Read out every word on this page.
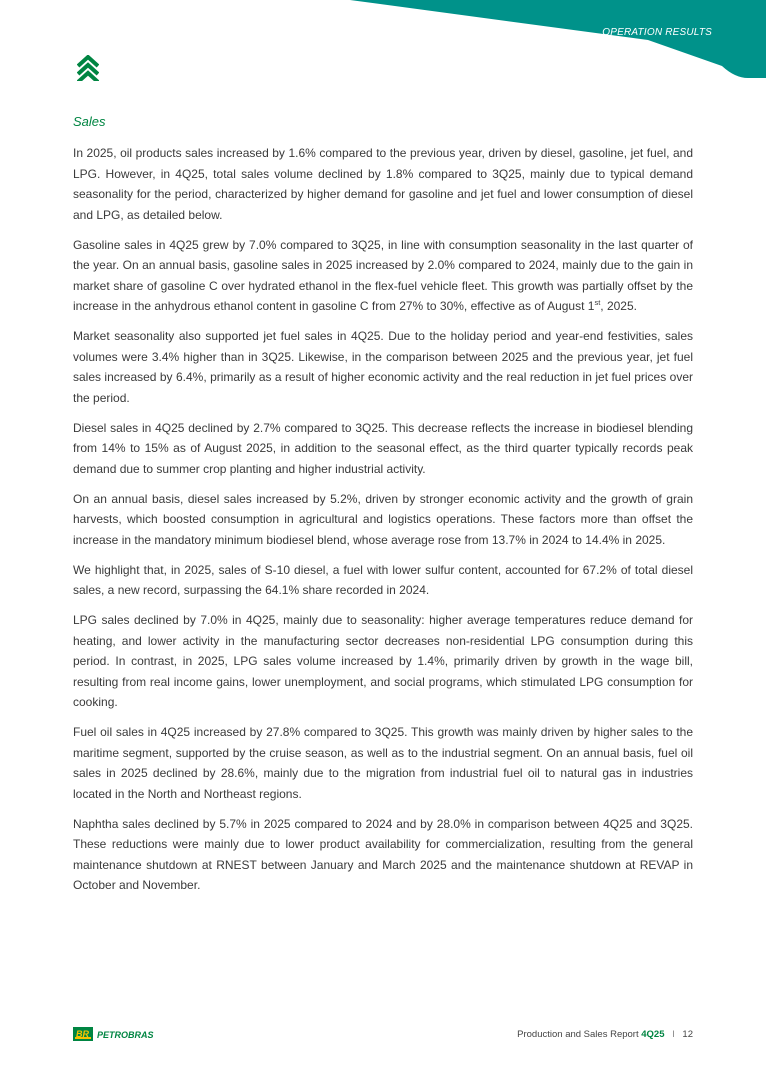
OPERATION RESULTS
Sales

In 2025, oil products sales increased by 1.6% compared to the previous year, driven by diesel, gasoline, jet fuel, and LPG. However, in 4Q25, total sales volume declined by 1.8% compared to 3Q25, mainly due to typical demand seasonality for the period, characterized by higher demand for gasoline and jet fuel and lower consumption of diesel and LPG, as detailed below.

Gasoline sales in 4Q25 grew by 7.0% compared to 3Q25, in line with consumption seasonality in the last quarter of the year. On an annual basis, gasoline sales in 2025 increased by 2.0% compared to 2024, mainly due to the gain in market share of gasoline C over hydrated ethanol in the flex-fuel vehicle fleet. This growth was partially offset by the increase in the anhydrous ethanol content in gasoline C from 27% to 30%, effective as of August 1st, 2025.

Market seasonality also supported jet fuel sales in 4Q25. Due to the holiday period and year-end festivities, sales volumes were 3.4% higher than in 3Q25. Likewise, in the comparison between 2025 and the previous year, jet fuel sales increased by 6.4%, primarily as a result of higher economic activity and the real reduction in jet fuel prices over the period.

Diesel sales in 4Q25 declined by 2.7% compared to 3Q25. This decrease reflects the increase in biodiesel blending from 14% to 15% as of August 2025, in addition to the seasonal effect, as the third quarter typically records peak demand due to summer crop planting and higher industrial activity.

On an annual basis, diesel sales increased by 5.2%, driven by stronger economic activity and the growth of grain harvests, which boosted consumption in agricultural and logistics operations. These factors more than offset the increase in the mandatory minimum biodiesel blend, whose average rose from 13.7% in 2024 to 14.4% in 2025.

We highlight that, in 2025, sales of S-10 diesel, a fuel with lower sulfur content, accounted for 67.2% of total diesel sales, a new record, surpassing the 64.1% share recorded in 2024.

LPG sales declined by 7.0% in 4Q25, mainly due to seasonality: higher average temperatures reduce demand for heating, and lower activity in the manufacturing sector decreases non-residential LPG consumption during this period. In contrast, in 2025, LPG sales volume increased by 1.4%, primarily driven by growth in the wage bill, resulting from real income gains, lower unemployment, and social programs, which stimulated LPG consumption for cooking.

Fuel oil sales in 4Q25 increased by 27.8% compared to 3Q25. This growth was mainly driven by higher sales to the maritime segment, supported by the cruise season, as well as to the industrial segment. On an annual basis, fuel oil sales in 2025 declined by 28.6%, mainly due to the migration from industrial fuel oil to natural gas in industries located in the North and Northeast regions.

Naphtha sales declined by 5.7% in 2025 compared to 2024 and by 28.0% in comparison between 4Q25 and 3Q25. These reductions were mainly due to lower product availability for commercialization, resulting from the general maintenance shutdown at RNEST between January and March 2025 and the maintenance shutdown at REVAP in October and November.

BR PETROBRAS	Production and Sales Report 4Q25 I 12
